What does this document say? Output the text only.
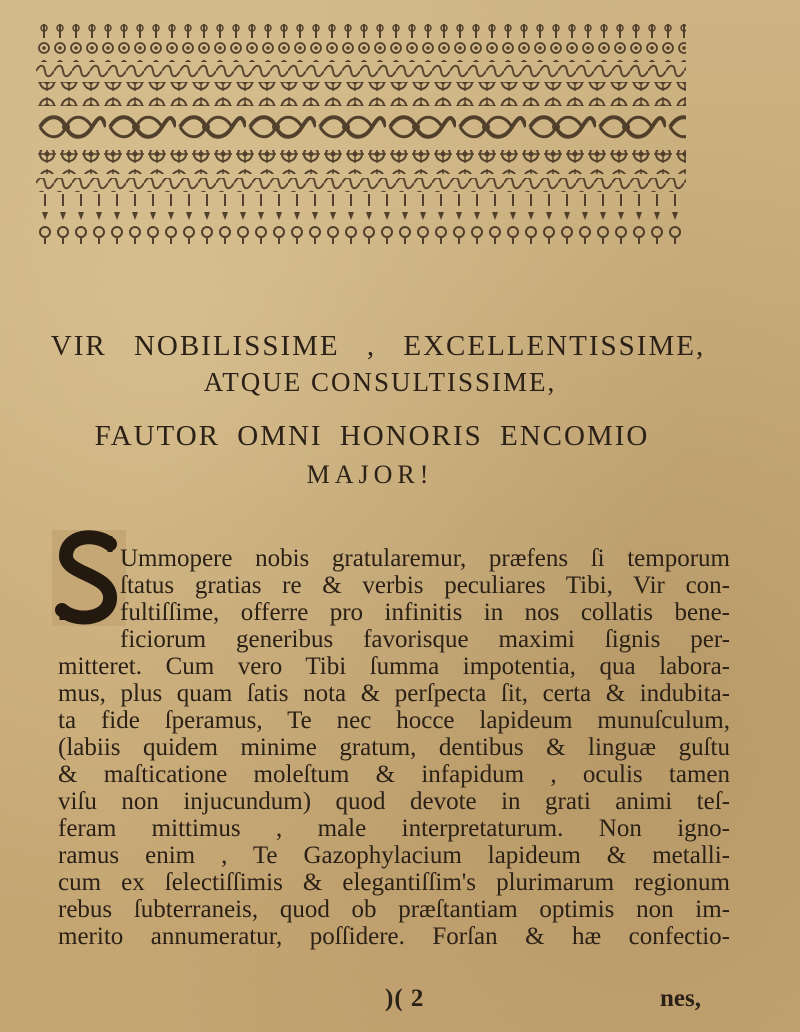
VIR NOBILISSIME , EXCELLENTISSIME,
ATQUE CONSULTISSIME,
FAUTOR OMNI HONORIS ENCOMIO
MAJOR!
Ummopere nobis gratularemur, præfens ſi temporum
ſtatus gratias re & verbis peculiares Tibi, Vir con-
fultiſſime, offerre pro infinitis in nos collatis bene-
ficiorum generibus favorisque maximi ſignis per-
mitteret. Cum vero Tibi ſumma impotentia, qua labora-
mus, plus quam ſatis nota & perſpecta ſit, certa & indubita-
ta fide ſperamus, Te nec hocce lapideum munuſculum,
(labiis quidem minime gratum, dentibus & linguæ guſtu
& maſticatione moleſtum & infapidum , oculis tamen
viſu non injucundum) quod devote in grati animi teſ-
feram mittimus , male interpretaturum. Non igno-
ramus enim , Te Gazophylacium lapideum & metalli-
cum ex ſelectiſſimis & elegantiſſim's plurimarum regionum
rebus ſubterraneis, quod ob præſtantiam optimis non im-
merito annumeratur, poſſidere. Forſan & hæ confectio-
)( 2	nes,
